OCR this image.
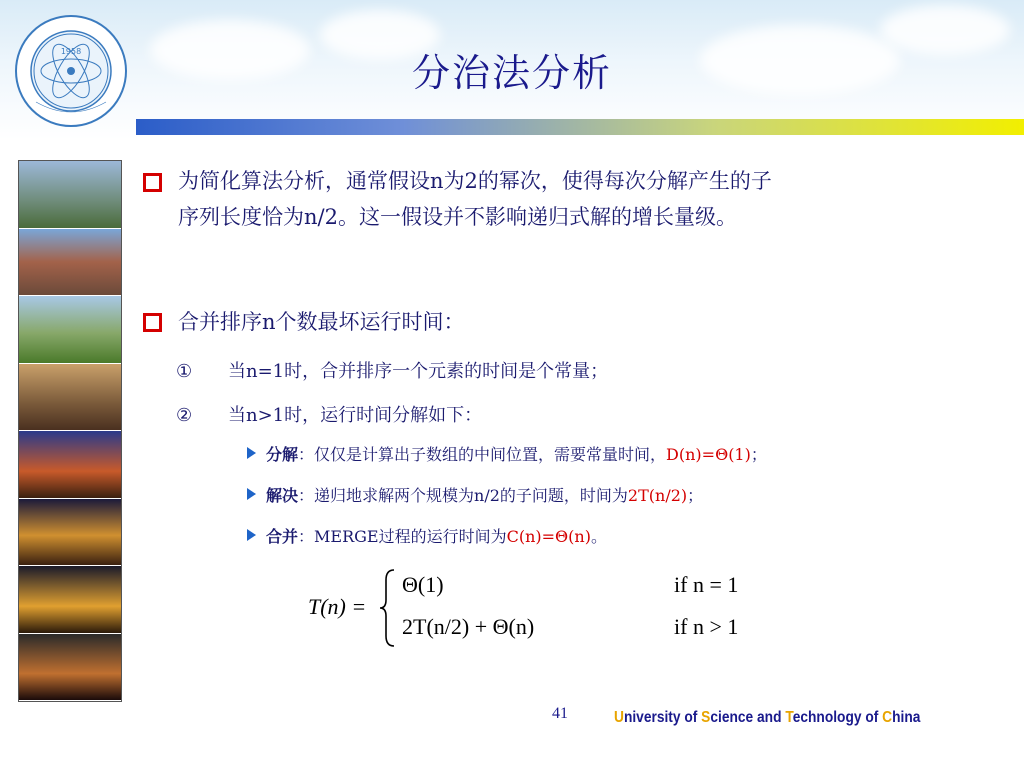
1958	分治法分析
为简化算法分析，通常假设n为2的幂次，使得每次分解产生的子
序列长度恰为n/2。这一假设并不影响递归式解的增长量级。
合并排序n个数最坏运行时间：
① 当n=1时，合并排序一个元素的时间是个常量；
② 当n>1时，运行时间分解如下：
分解：仅仅是计算出子数组的中间位置，需要常量时间，D(n)=Θ(1)；
解决：递归地求解两个规模为n/2的子问题，时间为2T(n/2)；
合并：MERGE过程的运行时间为C(n)=Θ(n)。
T(n) =
Θ(1)	if n = 1
2T(n/2) + Θ(n)	if n > 1
41	University of Science and Technology of China
